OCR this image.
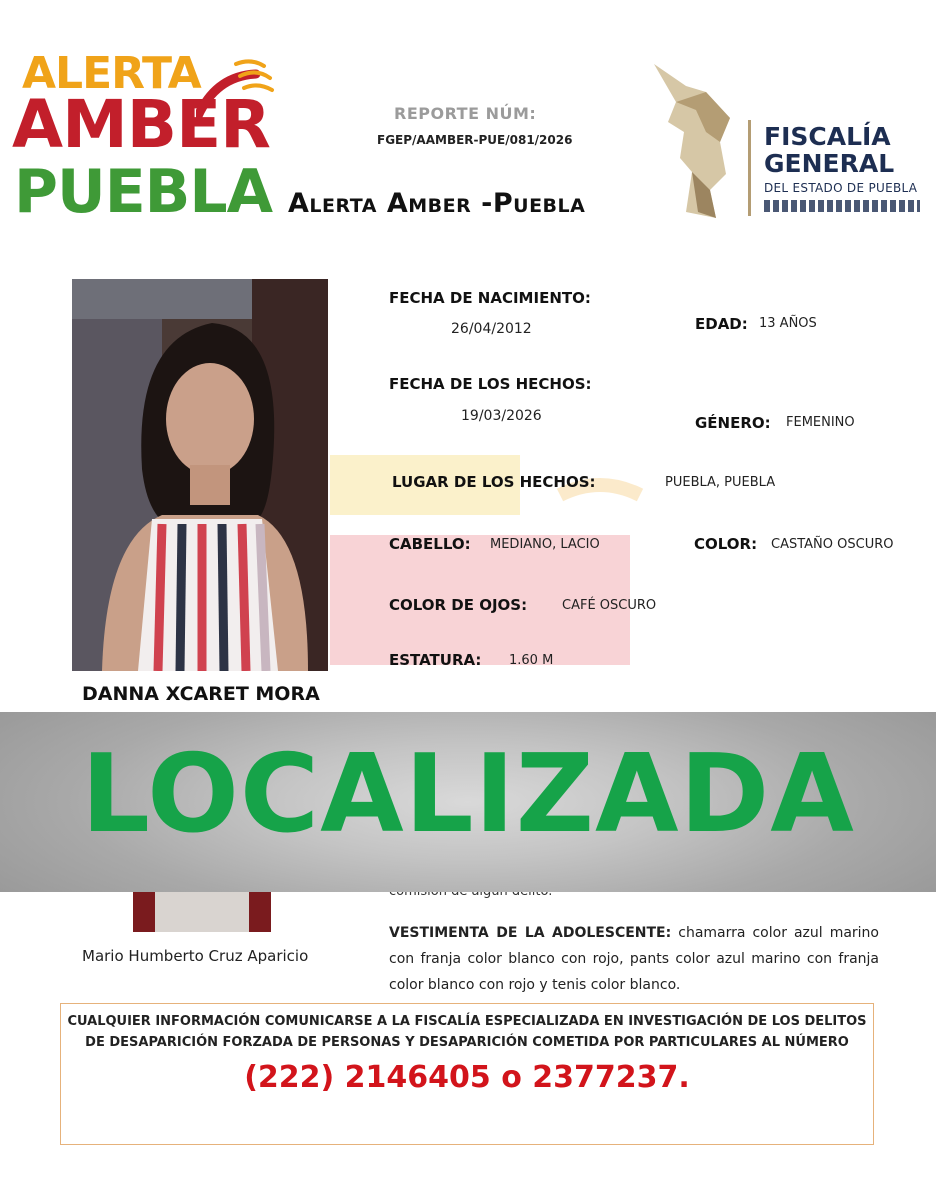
ALERTA
AMBER
PUEBLA
REPORTE NÚM:
FGEP/AAMBER-PUE/081/2026
Alerta Amber -Puebla
FISCALÍA
GENERAL
DEL ESTADO DE PUEBLA
FECHA DE NACIMIENTO:
26/04/2012	EDAD: 13 AÑOS
FECHA DE LOS HECHOS:
19/03/2026	GÉNERO: FEMENINO
LUGAR DE LOS HECHOS:	PUEBLA, PUEBLA
CABELLO: MEDIANO, LACIO	COLOR: CASTAÑO OSCURO
COLOR DE OJOS:	CAFÉ OSCURO
ESTATURA: 1.60 M
DANNA XCARET MORA
Mario Humberto Cruz Aparicio
VESTIMENTA DE LA ADOLESCENTE: chamarra color azul marino con franja color blanco con rojo, pants color azul marino con franja color blanco con rojo y tenis color blanco.
LOCALIZADA
CUALQUIER INFORMACIÓN COMUNICARSE A LA FISCALÍA ESPECIALIZADA EN INVESTIGACIÓN DE LOS DELITOS
DE DESAPARICIÓN FORZADA DE PERSONAS Y DESAPARICIÓN COMETIDA POR PARTICULARES AL NÚMERO
(222) 2146405 o 2377237.
